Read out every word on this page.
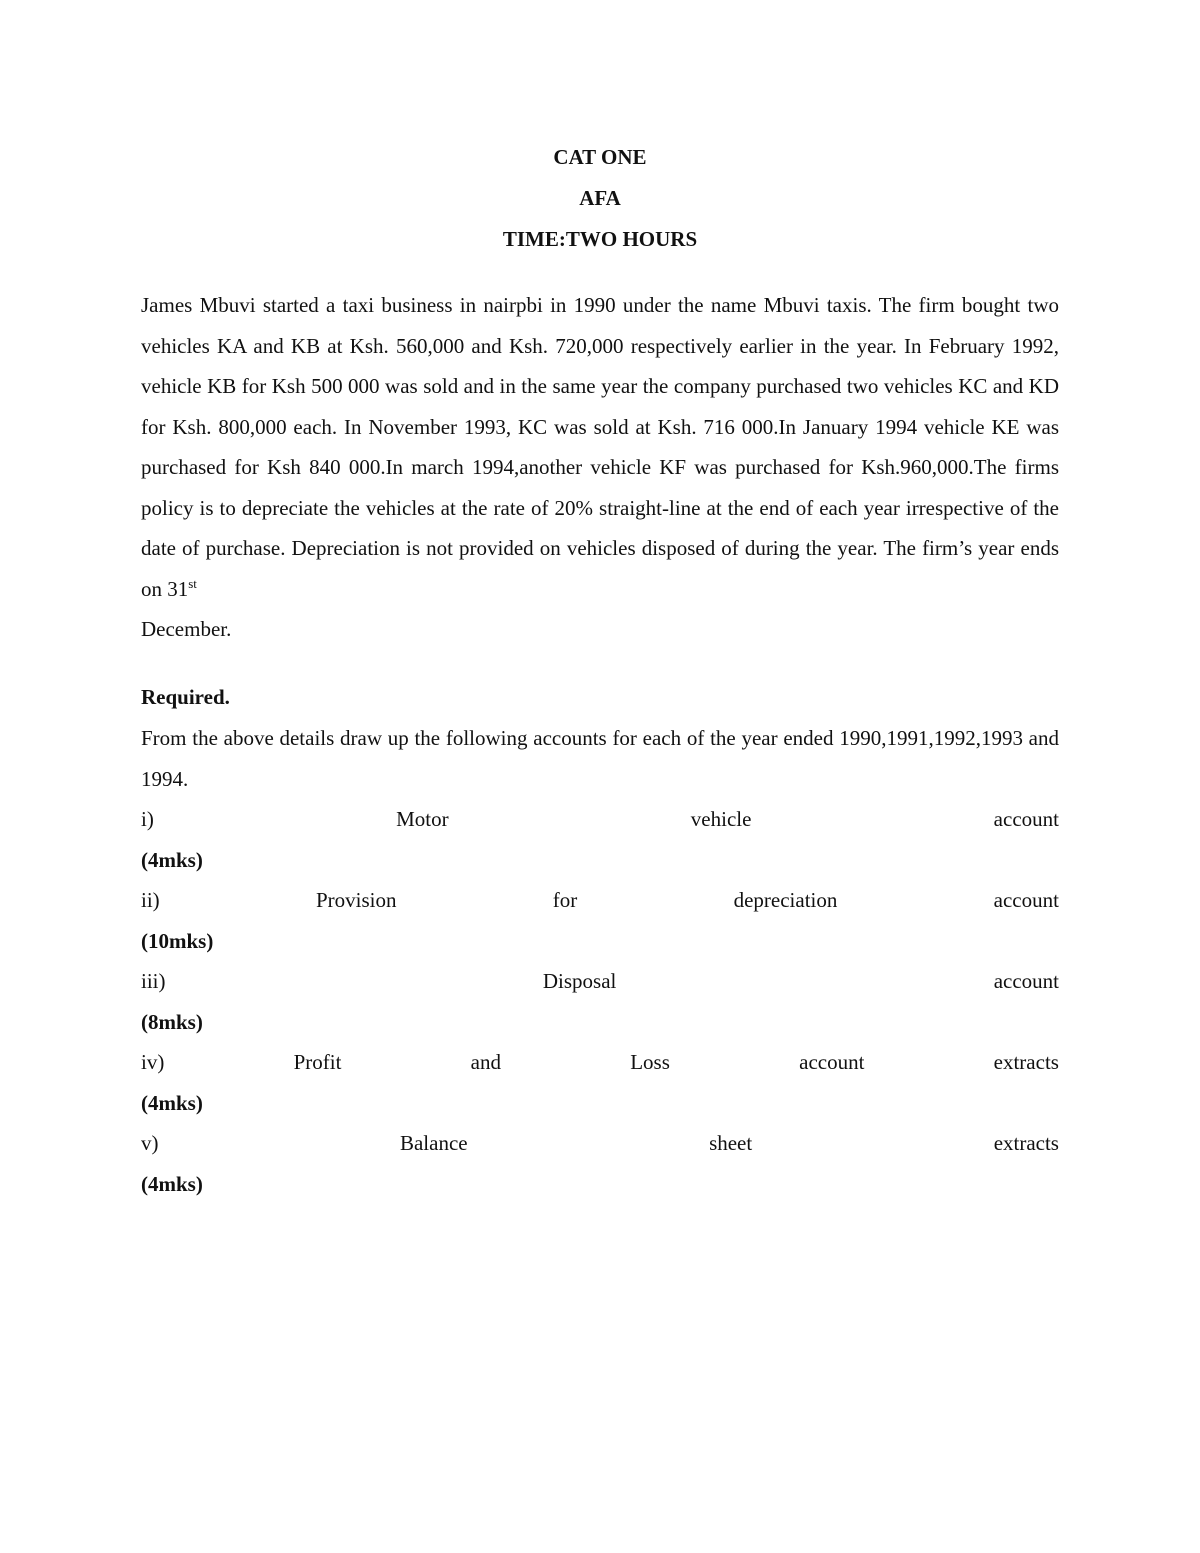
CAT ONE
AFA
TIME:TWO HOURS
James Mbuvi started a taxi business in nairpbi in 1990 under the name Mbuvi taxis. The firm bought two vehicles KA and KB at Ksh. 560,000 and Ksh. 720,000 respectively earlier in the year. In February 1992, vehicle KB for Ksh 500 000 was sold and in the same year the company purchased two vehicles KC and KD for Ksh. 800,000 each. In November 1993, KC was sold at Ksh. 716 000.In January 1994 vehicle KE was purchased for Ksh 840 000.In march 1994,another vehicle KF was purchased for Ksh.960,000.The firms policy is to depreciate the vehicles at the rate of 20% straight-line at the end of each year irrespective of the date of purchase. Depreciation is not provided on vehicles disposed of during the year. The firm’s year ends on 31st
December.
Required.
From the above details draw up the following accounts for each of the year ended 1990,1991,1992,1993 and 1994.
i)	Motor	vehicle	account
(4mks)
ii)	Provision	for	depreciation	account
(10mks)
iii)	Disposal	account
(8mks)
iv)	Profit	and	Loss	account	extracts
(4mks)
v)	Balance	sheet	extracts
(4mks)
